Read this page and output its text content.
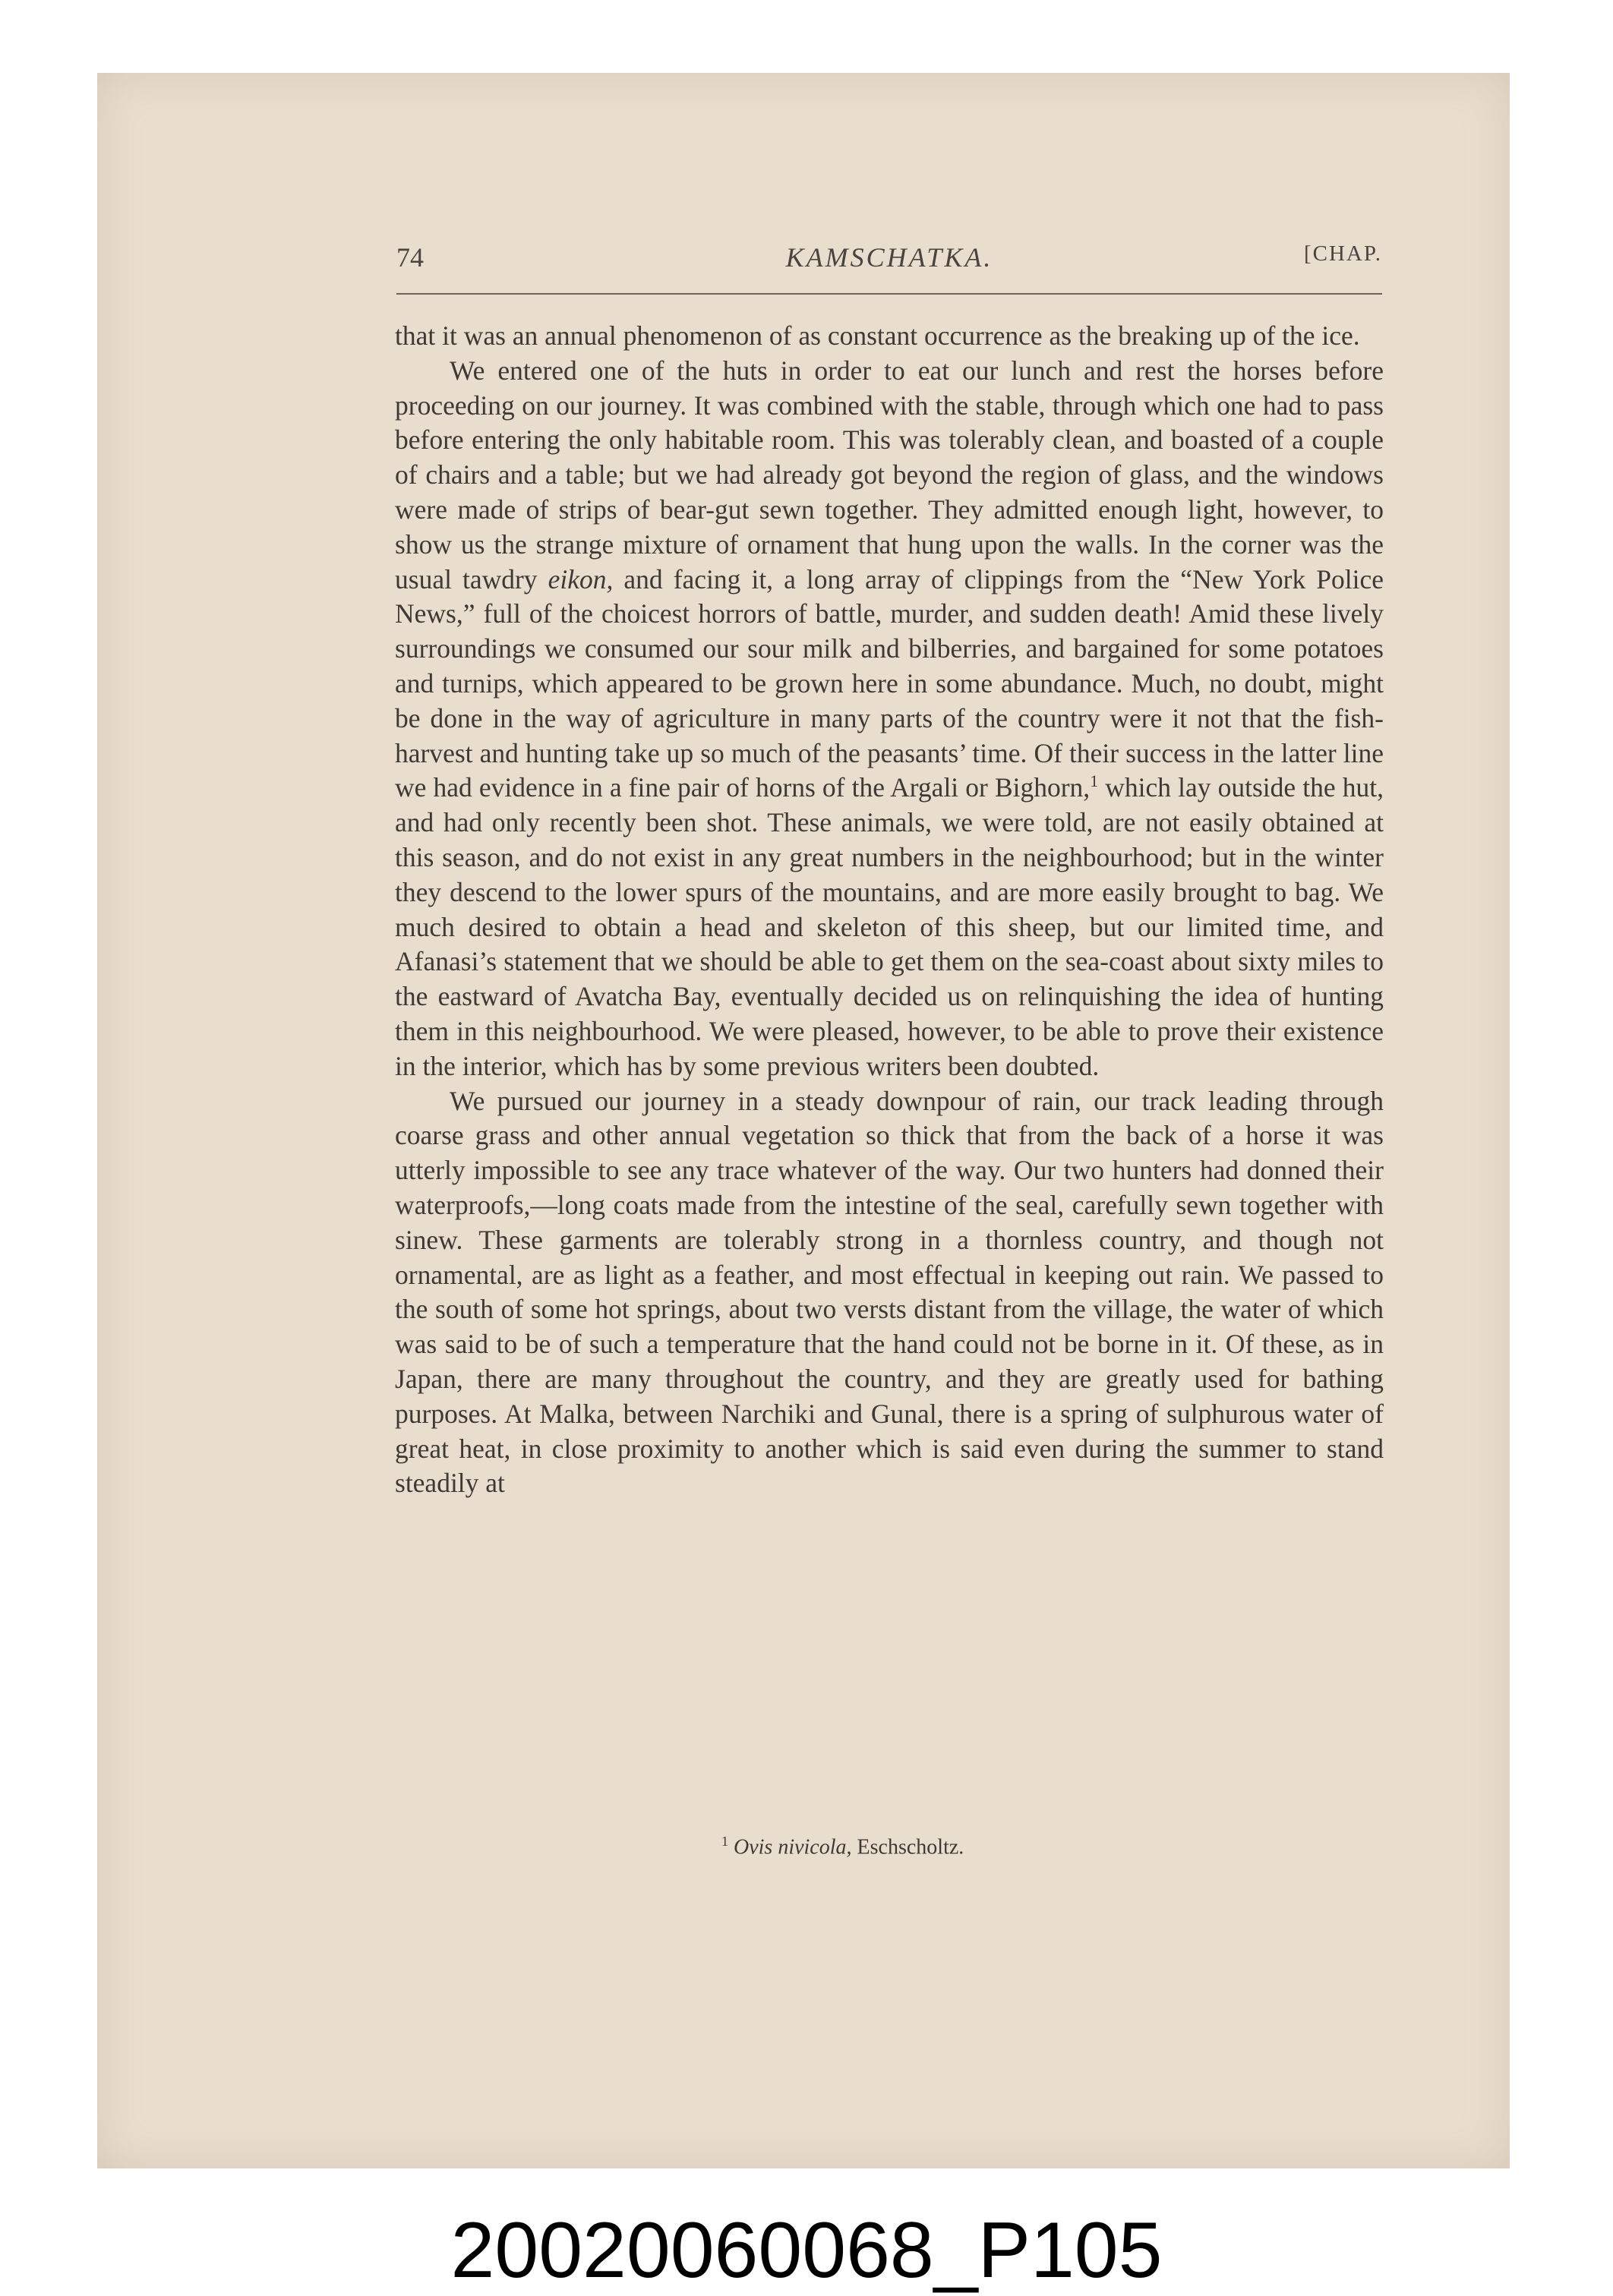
74	KAMSCHATKA.	[CHAP.

that it was an annual phenomenon of as constant occurrence as the breaking up of the ice.

We entered one of the huts in order to eat our lunch and rest the horses before proceeding on our journey. It was combined with the stable, through which one had to pass before entering the only habitable room. This was tolerably clean, and boasted of a couple of chairs and a table; but we had already got beyond the region of glass, and the windows were made of strips of bear-gut sewn together. They admitted enough light, however, to show us the strange mixture of ornament that hung upon the walls. In the corner was the usual tawdry eikon, and facing it, a long array of clippings from the “New York Police News,” full of the choicest horrors of battle, murder, and sudden death! Amid these lively surroundings we consumed our sour milk and bilberries, and bargained for some potatoes and turnips, which appeared to be grown here in some abundance. Much, no doubt, might be done in the way of agriculture in many parts of the country were it not that the fish-harvest and hunting take up so much of the peasants’ time. Of their success in the latter line we had evidence in a fine pair of horns of the Argali or Bighorn,$^1$ which lay outside the hut, and had only recently been shot. These animals, we were told, are not easily obtained at this season, and do not exist in any great numbers in the neighbourhood; but in the winter they descend to the lower spurs of the mountains, and are more easily brought to bag. We much desired to obtain a head and skeleton of this sheep, but our limited time, and Afanasi’s statement that we should be able to get them on the sea-coast about sixty miles to the eastward of Avatcha Bay, eventually decided us on relinquishing the idea of hunting them in this neighbourhood. We were pleased, however, to be able to prove their existence in the interior, which has by some previous writers been doubted.

We pursued our journey in a steady downpour of rain, our track leading through coarse grass and other annual vegetation so thick that from the back of a horse it was utterly impossible to see any trace whatever of the way. Our two hunters had donned their waterproofs,—long coats made from the intestine of the seal, carefully sewn together with sinew. These garments are tolerably strong in a thornless country, and though not ornamental, are as light as a feather, and most effectual in keeping out rain. We passed to the south of some hot springs, about two versts distant from the village, the water of which was said to be of such a temperature that the hand could not be borne in it. Of these, as in Japan, there are many throughout the country, and they are greatly used for bathing purposes. At Malka, between Narchiki and Gunal, there is a spring of sulphurous water of great heat, in close proximity to another which is said even during the summer to stand steadily at

$^1$ Ovis nivicola, Eschscholtz.
20020060068_P105
